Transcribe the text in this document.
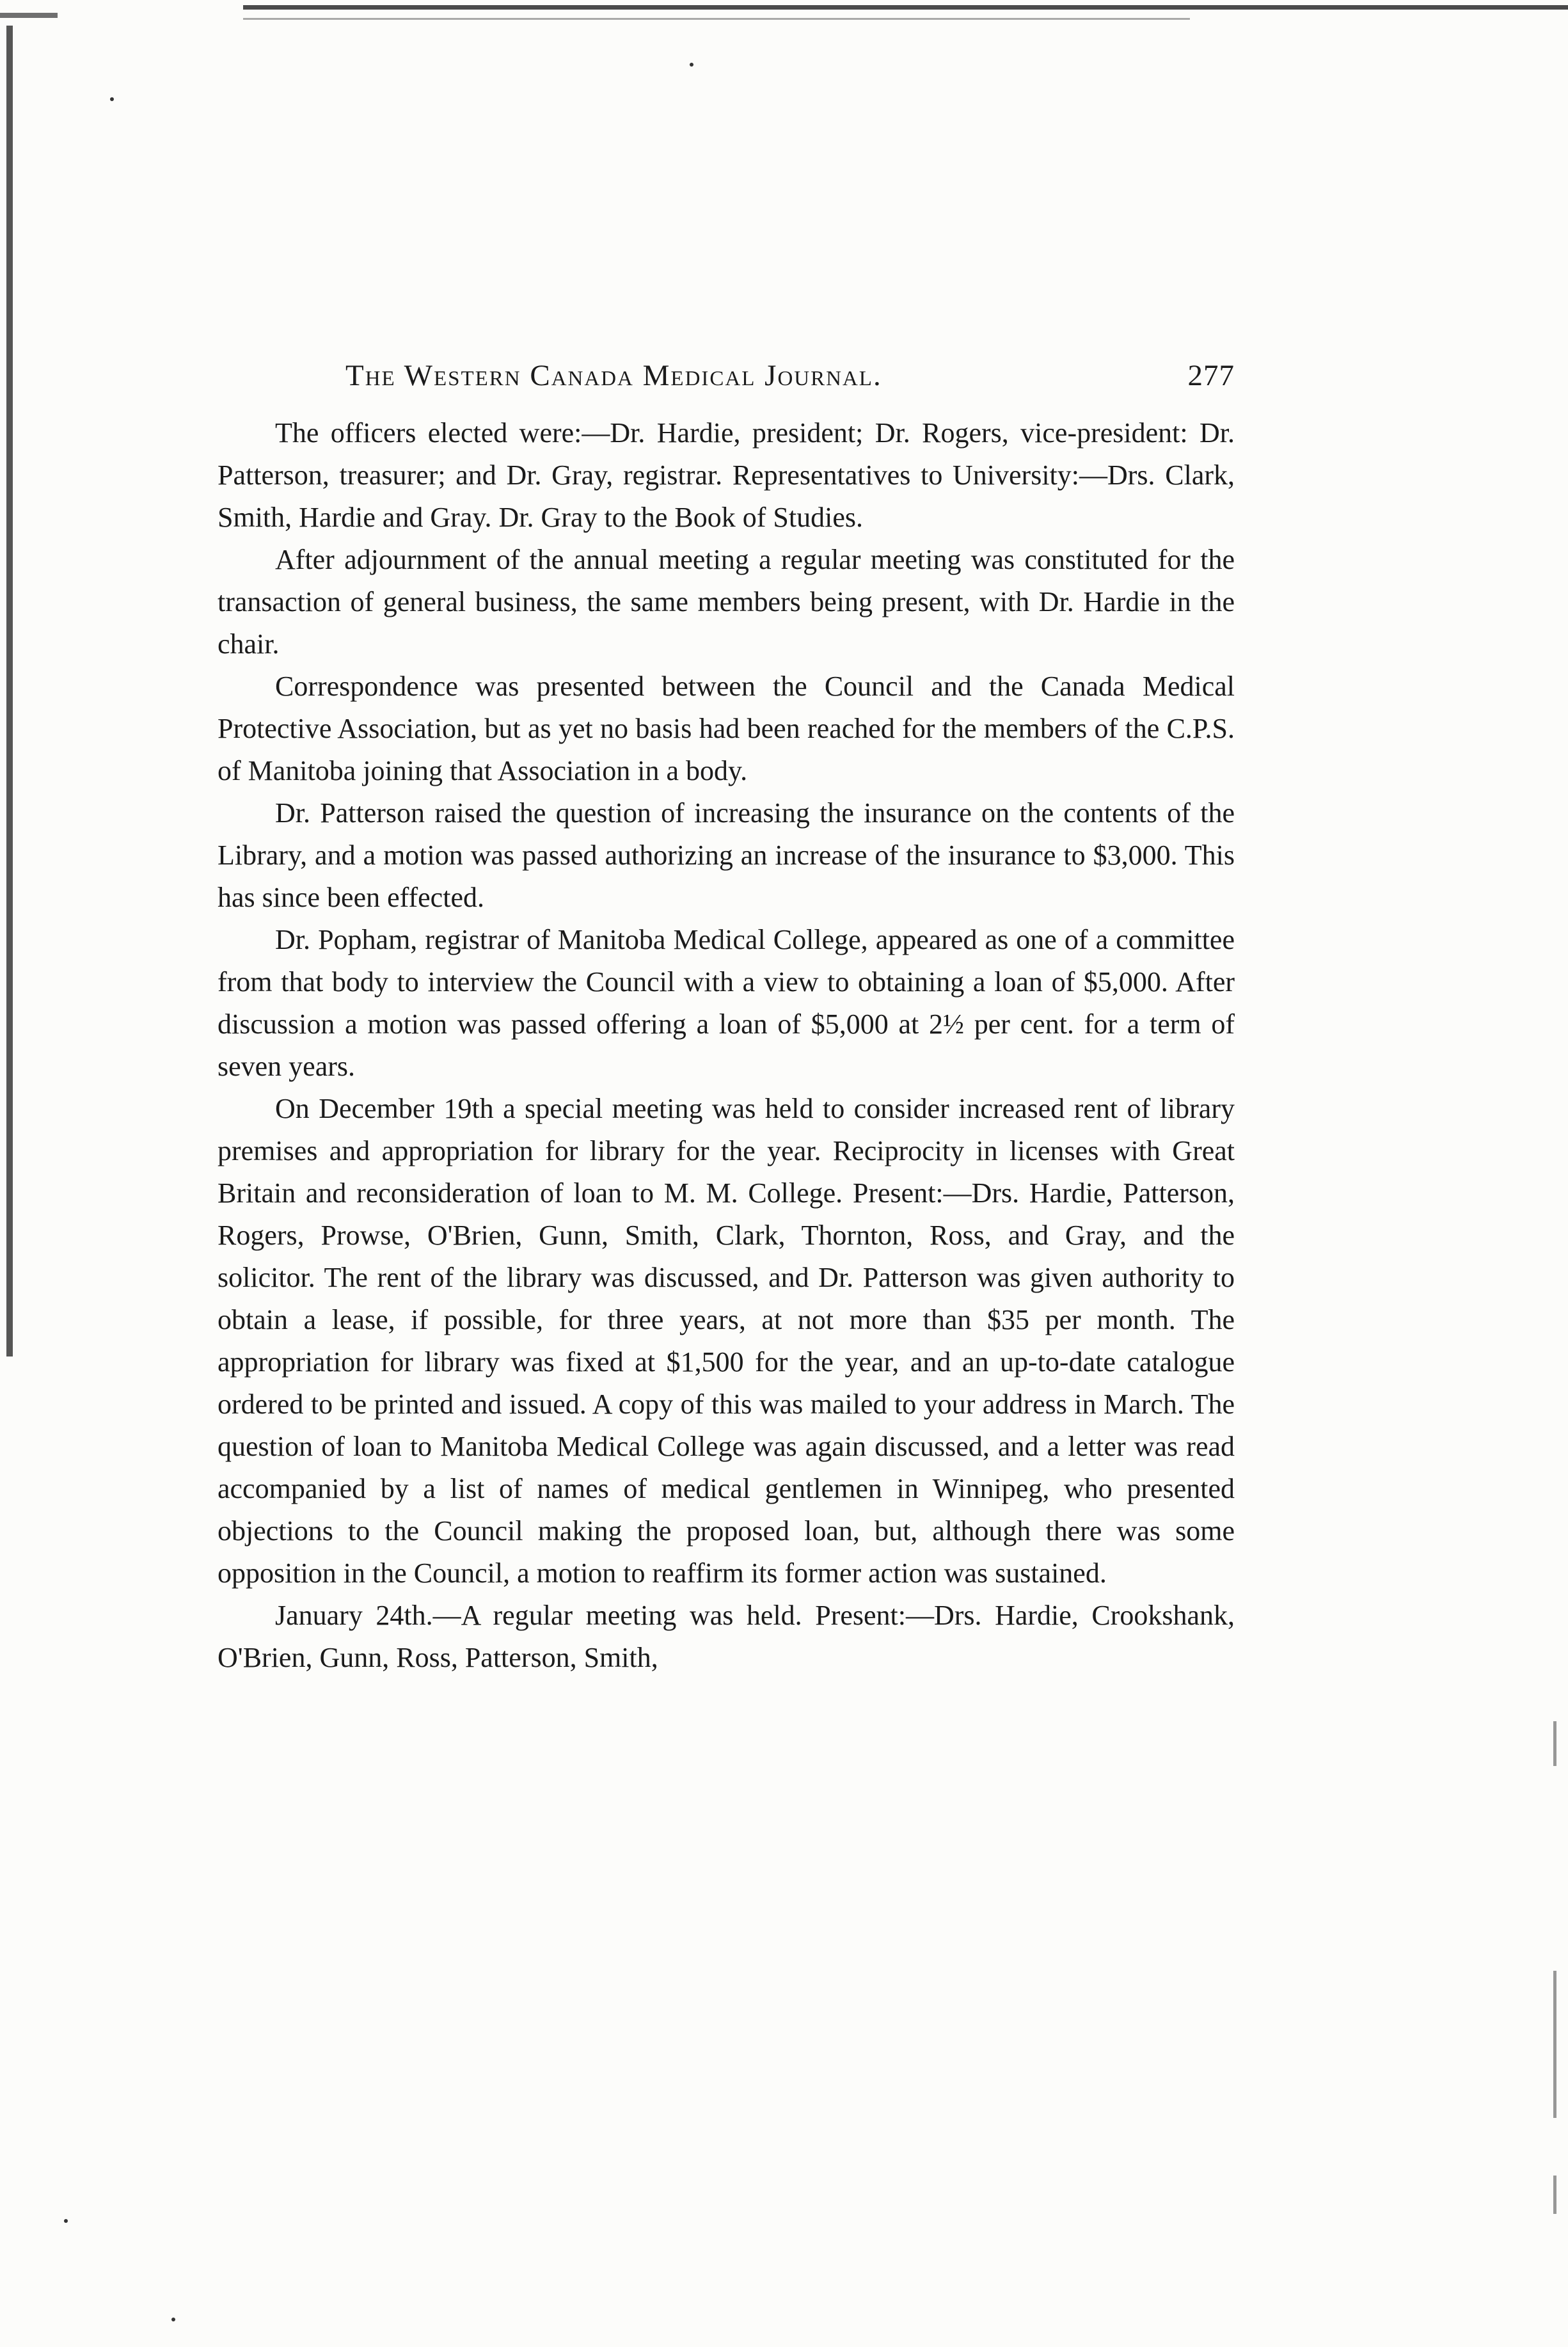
The Western Canada Medical Journal.	277

The officers elected were:—Dr. Hardie, president; Dr. Rogers, vice-president: Dr. Patterson, treasurer; and Dr. Gray, registrar. Representatives to University:—Drs. Clark, Smith, Hardie and Gray. Dr. Gray to the Book of Studies.

After adjournment of the annual meeting a regular meeting was constituted for the transaction of general business, the same members being present, with Dr. Hardie in the chair.

Correspondence was presented between the Council and the Canada Medical Protective Association, but as yet no basis had been reached for the members of the C.P.S. of Manitoba joining that Association in a body.

Dr. Patterson raised the question of increasing the insurance on the contents of the Library, and a motion was passed authorizing an increase of the insurance to $3,000. This has since been effected.

Dr. Popham, registrar of Manitoba Medical College, appeared as one of a committee from that body to interview the Council with a view to obtaining a loan of $5,000. After discussion a motion was passed offering a loan of $5,000 at 2½ per cent. for a term of seven years.

On December 19th a special meeting was held to consider increased rent of library premises and appropriation for library for the year. Reciprocity in licenses with Great Britain and reconsideration of loan to M. M. College. Present:—Drs. Hardie, Patterson, Rogers, Prowse, O'Brien, Gunn, Smith, Clark, Thornton, Ross, and Gray, and the solicitor. The rent of the library was discussed, and Dr. Patterson was given authority to obtain a lease, if possible, for three years, at not more than $35 per month. The appropriation for library was fixed at $1,500 for the year, and an up-to-date catalogue ordered to be printed and issued. A copy of this was mailed to your address in March. The question of loan to Manitoba Medical College was again discussed, and a letter was read accompanied by a list of names of medical gentlemen in Winnipeg, who presented objections to the Council making the proposed loan, but, although there was some opposition in the Council, a motion to reaffirm its former action was sustained.

January 24th.—A regular meeting was held. Present:—Drs. Hardie, Crookshank, O'Brien, Gunn, Ross, Patterson, Smith,
